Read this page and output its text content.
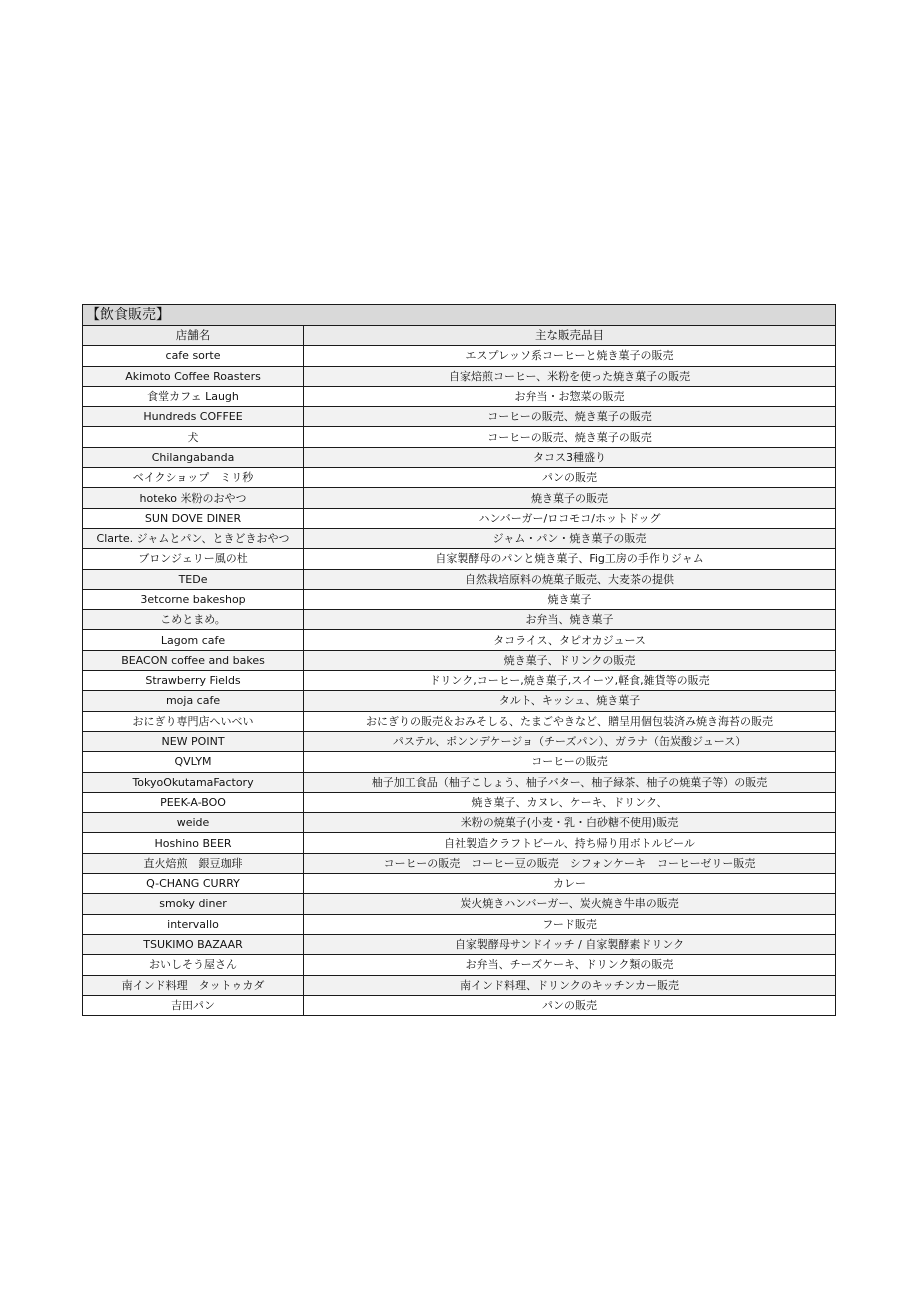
【飲食販売】	
店舗名	主な販売品目
cafe sorte	エスプレッソ系コーヒーと焼き菓子の販売
Akimoto Coffee Roasters	自家焙煎コーヒー、米粉を使った焼き菓子の販売
食堂カフェ Laugh	お弁当・お惣菜の販売
Hundreds COFFEE	コーヒーの販売、焼き菓子の販売
犬	コーヒーの販売、焼き菓子の販売
Chilangabanda	タコス3種盛り
ベイクショップ　ミリ秒	パンの販売
hoteko 米粉のおやつ	焼き菓子の販売
SUN DOVE DINER	ハンバーガー/ロコモコ/ホットドッグ
Clarte. ジャムとパン、ときどきおやつ	ジャム・パン・焼き菓子の販売
ブロンジェリー風の杜	自家製酵母のパンと焼き菓子、Fig工房の手作りジャム
TEDe	自然栽培原料の焼菓子販売、大麦茶の提供
3etcorne bakeshop	焼き菓子
こめとまめ。	お弁当、焼き菓子
Lagom cafe	タコライス、タピオカジュース
BEACON coffee and bakes	焼き菓子、ドリンクの販売
Strawberry Fields	ドリンク,コーヒー,焼き菓子,スイーツ,軽食,雑貨等の販売
moja cafe	タルト、キッシュ、焼き菓子
おにぎり専門店へいべい	おにぎりの販売＆おみそしる、たまごやきなど、贈呈用個包装済み焼き海苔の販売
NEW POINT	パステル、ポンンデケージョ（チーズパン）、ガラナ（缶炭酸ジュース）
QVLYM	コーヒーの販売
TokyoOkutamaFactory	柚子加工食品（柚子こしょう、柚子バター、柚子緑茶、柚子の焼菓子等）の販売
PEEK-A-BOO	焼き菓子、カヌレ、ケーキ、ドリンク、
weide	米粉の焼菓子(小麦・乳・白砂糖不使用)販売
Hoshino BEER	自社製造クラフトビール、持ち帰り用ボトルビール
直火焙煎　銀豆珈琲	コーヒーの販売　コーヒー豆の販売　シフォンケーキ　コーヒーゼリー販売
Q-CHANG CURRY	カレー
smoky diner	炭火焼きハンバーガー、炭火焼き牛串の販売
intervallo	フード販売
TSUKIMO BAZAAR	自家製酵母サンドイッチ / 自家製酵素ドリンク
おいしそう屋さん	お弁当、チーズケーキ、ドリンク類の販売
南インド料理　タットゥカダ	南インド料理、ドリンクのキッチンカー販売
吉田パン	パンの販売
